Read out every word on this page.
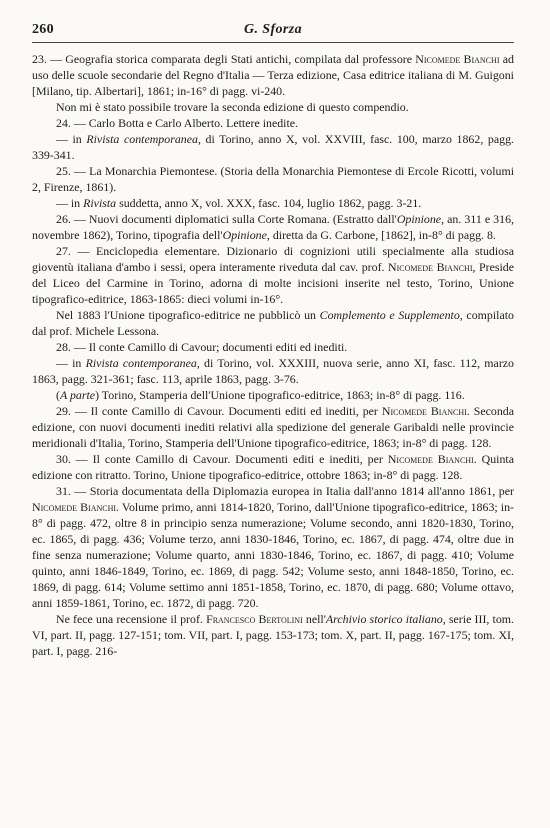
260	G. Sforza

23. — Geografia storica comparata degli Stati antichi, compilata dal professore Nicomede Bianchi ad uso delle scuole secondarie del Regno d'Italia — Terza edizione, Casa editrice italiana di M. Guigoni [Milano, tip. Albertari], 1861; in-16° di pagg. vi-240.

Non mi è stato possibile trovare la seconda edizione di questo compendio.

24. — Carlo Botta e Carlo Alberto. Lettere inedite.

— in Rivista contemporanea, di Torino, anno X, vol. XXVIII, fasc. 100, marzo 1862, pagg. 339-341.

25. — La Monarchia Piemontese. (Storia della Monarchia Piemontese di Ercole Ricotti, volumi 2, Firenze, 1861).

— in Rivista suddetta, anno X, vol. XXX, fasc. 104, luglio 1862, pagg. 3-21.

26. — Nuovi documenti diplomatici sulla Corte Romana. (Estratto dall'Opinione, an. 311 e 316, novembre 1862), Torino, tipografia dell'Opinione, diretta da G. Carbone, [1862], in-8° di pagg. 8.

27. — Enciclopedia elementare. Dizionario di cognizioni utili specialmente alla studiosa gioventù italiana d'ambo i sessi, opera interamente riveduta dal cav. prof. Nicomede Bianchi, Preside del Liceo del Carmine in Torino, adorna di molte incisioni inserite nel testo, Torino, Unione tipografico-editrice, 1863-1865: dieci volumi in-16°.

Nel 1883 l'Unione tipografico-editrice ne pubblicò un Complemento e Supplemento, compilato dal prof. Michele Lessona.

28. — Il conte Camillo di Cavour; documenti editi ed inediti.

— in Rivista contemporanea, di Torino, vol. XXXIII, nuova serie, anno XI, fasc. 112, marzo 1863, pagg. 321-361; fasc. 113, aprile 1863, pagg. 3-76.

(A parte) Torino, Stamperia dell'Unione tipografico-editrice, 1863; in-8° di pagg. 116.

29. — Il conte Camillo di Cavour. Documenti editi ed inediti, per Nicomede Bianchi. Seconda edizione, con nuovi documenti inediti relativi alla spedizione del generale Garibaldi nelle provincie meridionali d'Italia, Torino, Stamperia dell'Unione tipografico-editrice, 1863; in-8° di pagg. 128.

30. — Il conte Camillo di Cavour. Documenti editi e inediti, per Nicomede Bianchi. Quinta edizione con ritratto. Torino, Unione tipografico-editrice, ottobre 1863; in-8° di pagg. 128.

31. — Storia documentata della Diplomazia europea in Italia dall'anno 1814 all'anno 1861, per Nicomede Bianchi. Volume primo, anni 1814-1820, Torino, dall'Unione tipografico-editrice, 1863; in-8° di pagg. 472, oltre 8 in principio senza numerazione; Volume secondo, anni 1820-1830, Torino, ec. 1865, di pagg. 436; Volume terzo, anni 1830-1846, Torino, ec. 1867, di pagg. 474, oltre due in fine senza numerazione; Volume quarto, anni 1830-1846, Torino, ec. 1867, di pagg. 410; Volume quinto, anni 1846-1849, Torino, ec. 1869, di pagg. 542; Volume sesto, anni 1848-1850, Torino, ec. 1869, di pagg. 614; Volume settimo anni 1851-1858, Torino, ec. 1870, di pagg. 680; Volume ottavo, anni 1859-1861, Torino, ec. 1872, di pagg. 720.

Ne fece una recensione il prof. Francesco Bertolini nell'Archivio storico italiano, serie III, tom. VI, part. II, pagg. 127-151; tom. VII, part. I, pagg. 153-173; tom. X, part. II, pagg. 167-175; tom. XI, part. I, pagg. 216-
